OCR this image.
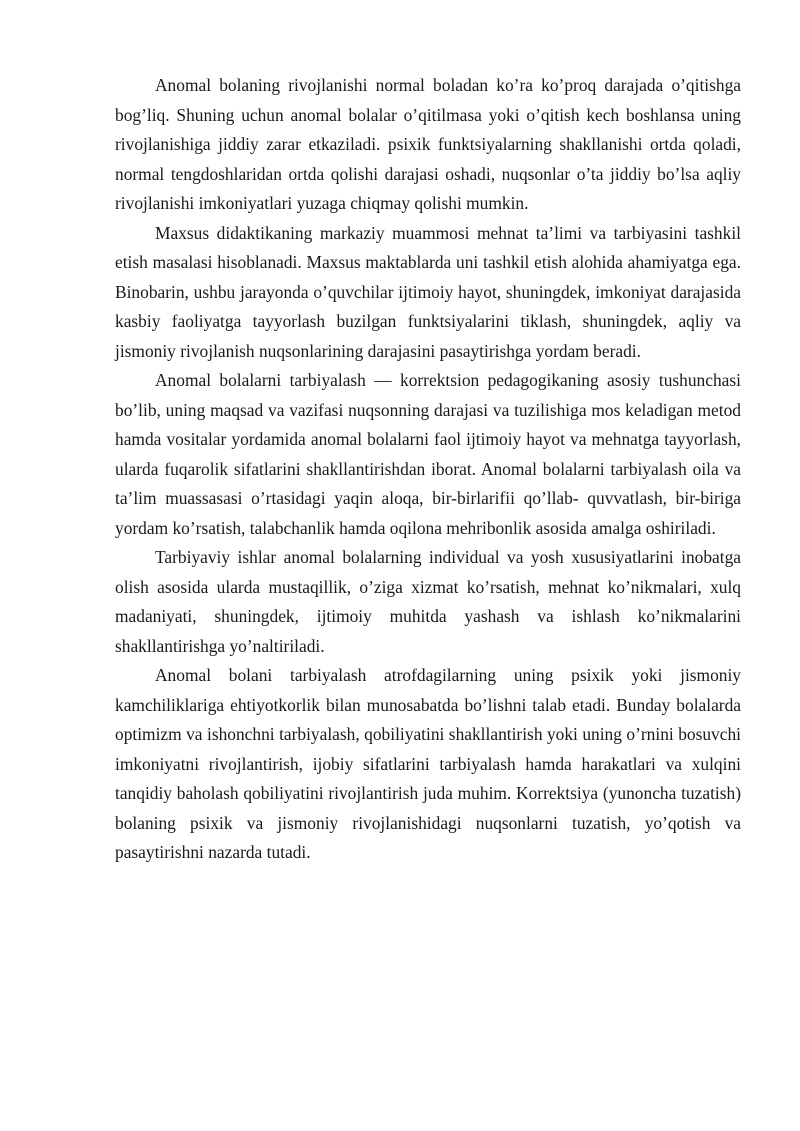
Anomal bolaning rivojlanishi normal boladan ko’ra ko’proq darajada o’qitishga bog’liq. Shuning uchun anomal bolalar o’qitilmasa yoki o’qitish kech boshlansa uning rivojlanishiga jiddiy zarar etkaziladi. psixik funktsiyalarning shakllanishi ortda qoladi, normal tengdoshlaridan ortda qolishi darajasi oshadi, nuqsonlar o’ta jiddiy bo’lsa aqliy rivojlanishi imkoniyatlari yuzaga chiqmay qolishi mumkin.

Maxsus didaktikaning markaziy muammosi mehnat ta’limi va tarbiyasini tashkil etish masalasi hisoblanadi. Maxsus maktablarda uni tashkil etish alohida ahamiyatga ega. Binobarin, ushbu jarayonda o’quvchilar ijtimoiy hayot, shuningdek, imkoniyat darajasida kasbiy faoliyatga tayyorlash buzilgan funktsiyalarini tiklash, shuningdek, aqliy va jismoniy rivojlanish nuqsonlarining darajasini pasaytirishga yordam beradi.

Anomal bolalarni tarbiyalash — korrektsion pedagogikaning asosiy tushunchasi bo’lib, uning maqsad va vazifasi nuqsonning darajasi va tuzilishiga mos keladigan metod hamda vositalar yordamida anomal bolalarni faol ijtimoiy hayot va mehnatga tayyorlash, ularda fuqarolik sifatlarini shakllantirishdan iborat. Anomal bolalarni tarbiyalash oila va ta’lim muassasasi o’rtasidagi yaqin aloqa, bir-birlarifii qo’llab- quvvatlash, bir-biriga yordam ko’rsatish, talabchanlik hamda oqilona mehribonlik asosida amalga oshiriladi.

Tarbiyaviy ishlar anomal bolalarning individual va yosh xususiyatlarini inobatga olish asosida ularda mustaqillik, o’ziga xizmat ko’rsatish, mehnat ko’nikmalari, xulq madaniyati, shuningdek, ijtimoiy muhitda yashash va ishlash ko’nikmalarini shakllantirishga yo’naltiriladi.

Anomal bolani tarbiyalash atrofdagilarning uning psixik yoki jismoniy kamchiliklariga ehtiyotkorlik bilan munosabatda bo’lishni talab etadi. Bunday bolalarda optimizm va ishonchni tarbiyalash, qobiliyatini shakllantirish yoki uning o’rnini bosuvchi imkoniyatni rivojlantirish, ijobiy sifatlarini tarbiyalash hamda harakatlari va xulqini tanqidiy baholash qobiliyatini rivojlantirish juda muhim. Korrektsiya (yunoncha tuzatish) bolaning psixik va jismoniy rivojlanishidagi nuqsonlarni tuzatish, yo’qotish va pasaytirishni nazarda tutadi.
